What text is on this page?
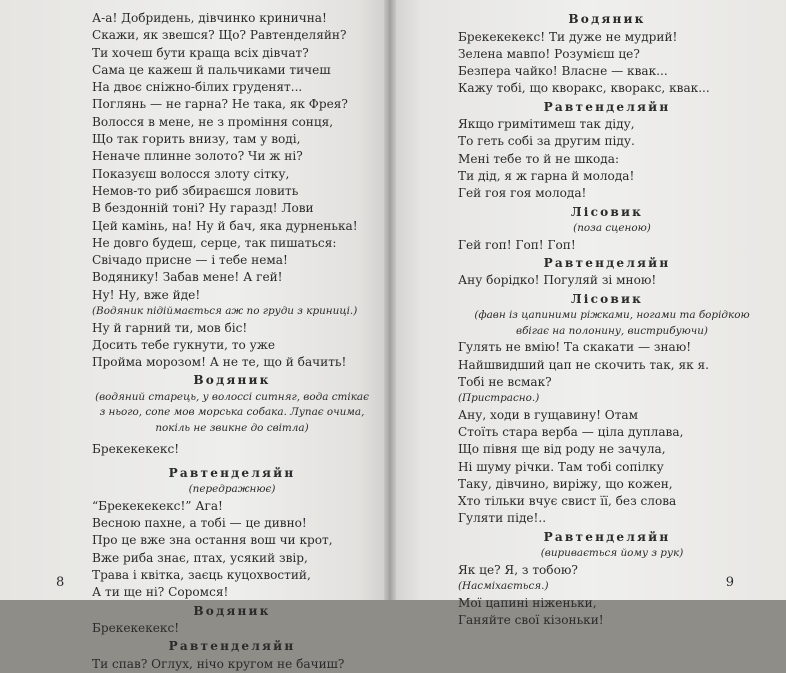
А-а! Добридень, дівчинко кринична!
Скажи, як звешся? Що? Равтенделяйн?
Ти хочеш бути краща всіх дівчат?
Сама це кажеш й пальчиками тичеш
На двоє сніжно-білих груденят...
Поглянь — не гарна? Не така, як Фрея?
Волосся в мене, не з проміння сонця,
Що так горить внизу, там у воді,
Неначе плинне золото? Чи ж ні?
Показуєш волосся злоту сітку,
Немов-то риб збираєшся ловить
В бездонній тоні? Ну гаразд! Лови
Цей камінь, на! Ну й бач, яка дурненька!
Не довго будеш, серце, так пишаться:
Свічадо присне — і тебе нема!
Водянику! Забав мене! А гей!
Ну! Ну, вже йде!
(Водяник підіймається аж по груди з криниці.)
Ну й гарний ти, мов біс!
Досить тебе гукнути, то уже
Пройма морозом! А не те, що й бачить!
Водяник
(водяний старець, у волоссі ситняг, вода стікає з нього, сопе мов морська собака. Лупає очима, покіль не звикне до світла)
Брекекекекс!
Равтенделяйн
(передражнює)
“Брекекекекс!” Ага!
Весною пахне, а тобі — це дивно!
Про це вже зна остання вош чи крот,
Вже риба знає, птах, усякий звір,
Трава і квітка, заєць куцохвостий,
А ти ще ні? Соромся!
Водяник
Брекекекекс!
Равтенделяйн
Ти спав? Оглух, нічо кругом не бачиш?
8
Водяник
Брекекекекс! Ти дуже не мудрий!
Зелена мавпо! Розумієш це?
Безпера чайко! Власне — квак...
Кажу тобі, що кворакс, кворакс, квак...
Равтенделяйн
Якщо гримітимеш так діду,
То геть собі за другим піду.
Мені тебе то й не шкода:
Ти дід, я ж гарна й молода!
Гей гоя гоя молода!
Лісовик
(поза сценою)
Гей гоп! Гоп! Гоп!
Равтенделяйн
Ану борідко! Погуляй зі мною!
Лісовик
(фавн із цапиними ріжками, ногами та борідкою вбігає на полонину, вистрибуючи)
Гулять не вмію! Та скакати — знаю!
Найшвидший цап не скочить так, як я.
Тобі не всмак?
(Пристрасно.)
Ану, ходи в гущавину! Отам
Стоїть стара верба — ціла дуплава,
Що півня ще від роду не зачула,
Ні шуму річки. Там тобі сопілку
Таку, дівчино, виріжу, що кожен,
Хто тільки вчує свист її, без слова
Гуляти піде!..
Равтенделяйн
(виривається йому з рук)
Як це? Я, з тобою?
(Насміхається.)
Мої цапині ніженьки,
Ганяйте свої кізоньки!
9
